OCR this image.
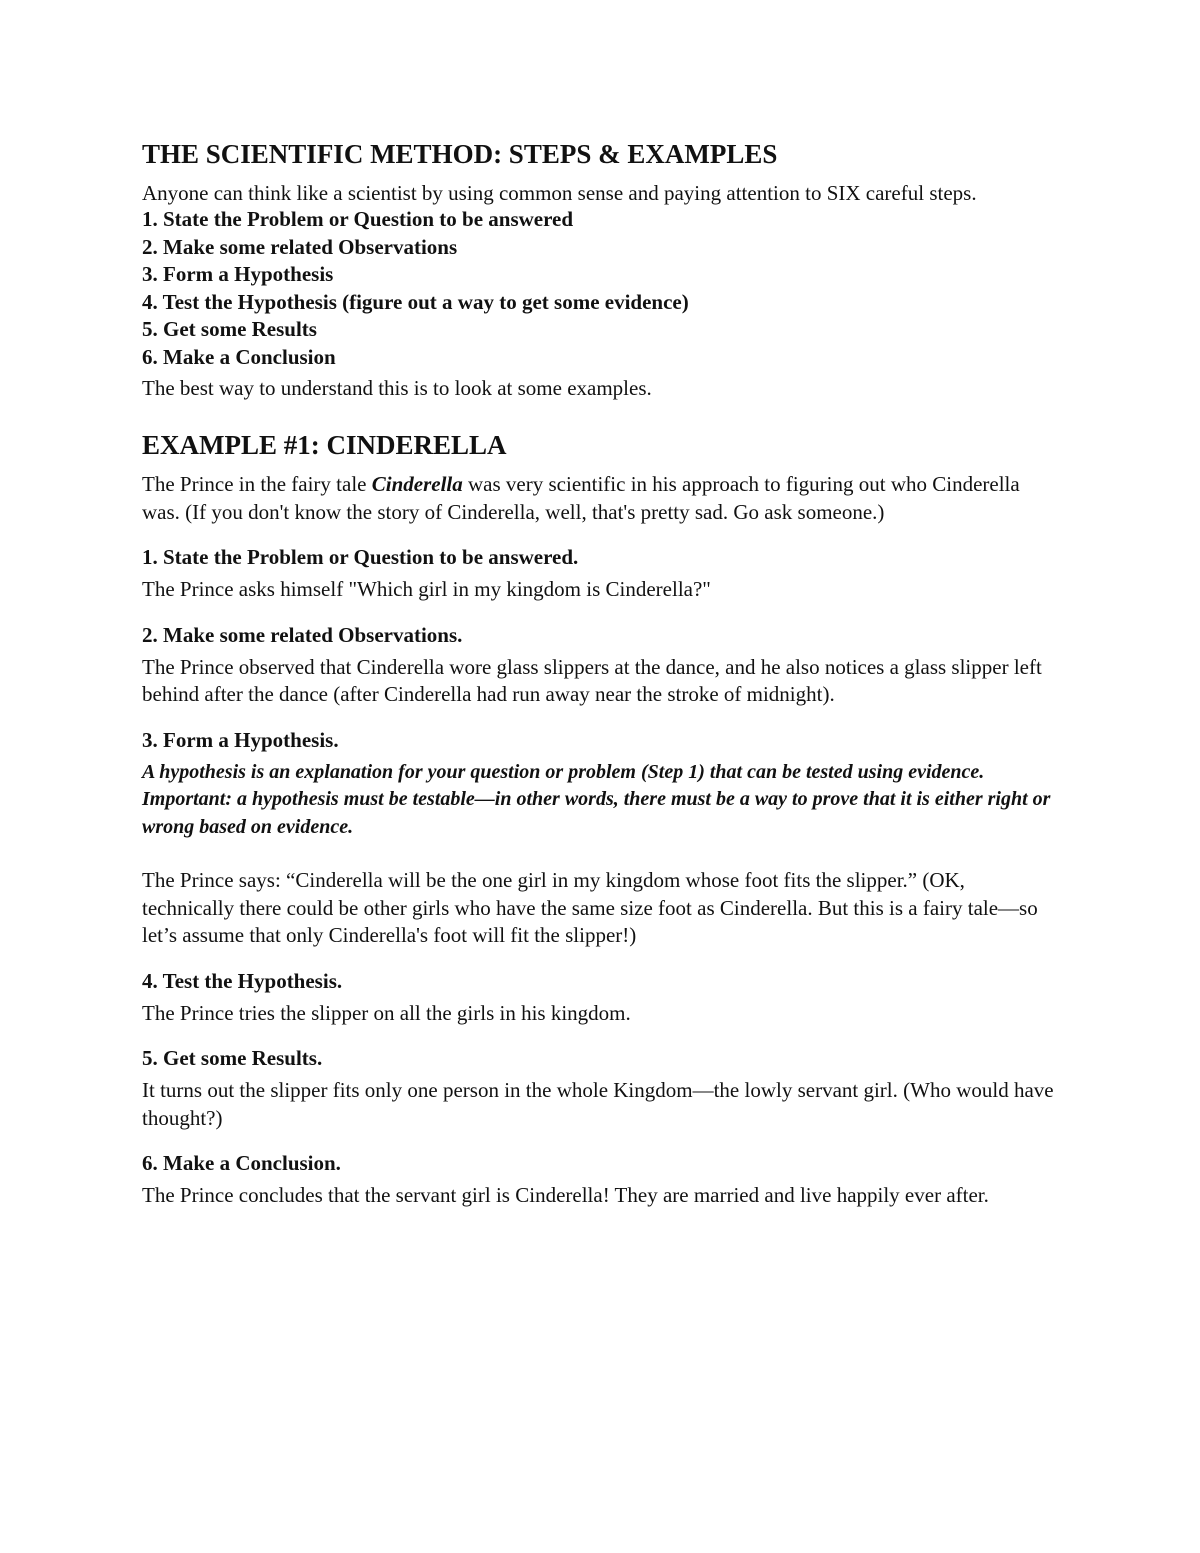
THE SCIENTIFIC METHOD: STEPS & EXAMPLES

Anyone can think like a scientist by using common sense and paying attention to SIX careful steps.

1. State the Problem or Question to be answered
2. Make some related Observations
3. Form a Hypothesis
4. Test the Hypothesis (figure out a way to get some evidence)
5. Get some Results
6. Make a Conclusion

The best way to understand this is to look at some examples.

EXAMPLE #1: CINDERELLA

The Prince in the fairy tale Cinderella was very scientific in his approach to figuring out who Cinderella was. (If you don't know the story of Cinderella, well, that's pretty sad. Go ask someone.)

1. State the Problem or Question to be answered.

The Prince asks himself "Which girl in my kingdom is Cinderella?"

2. Make some related Observations.

The Prince observed that Cinderella wore glass slippers at the dance, and he also notices a glass slipper left behind after the dance (after Cinderella had run away near the stroke of midnight).

3. Form a Hypothesis.

A hypothesis is an explanation for your question or problem (Step 1) that can be tested using evidence. Important: a hypothesis must be testable—in other words, there must be a way to prove that it is either right or wrong based on evidence.

The Prince says: “Cinderella will be the one girl in my kingdom whose foot fits the slipper.” (OK, technically there could be other girls who have the same size foot as Cinderella. But this is a fairy tale—so let’s assume that only Cinderella's foot will fit the slipper!)

4. Test the Hypothesis.

The Prince tries the slipper on all the girls in his kingdom.

5. Get some Results.

It turns out the slipper fits only one person in the whole Kingdom—the lowly servant girl. (Who would have thought?)

6. Make a Conclusion.

The Prince concludes that the servant girl is Cinderella! They are married and live happily ever after.
